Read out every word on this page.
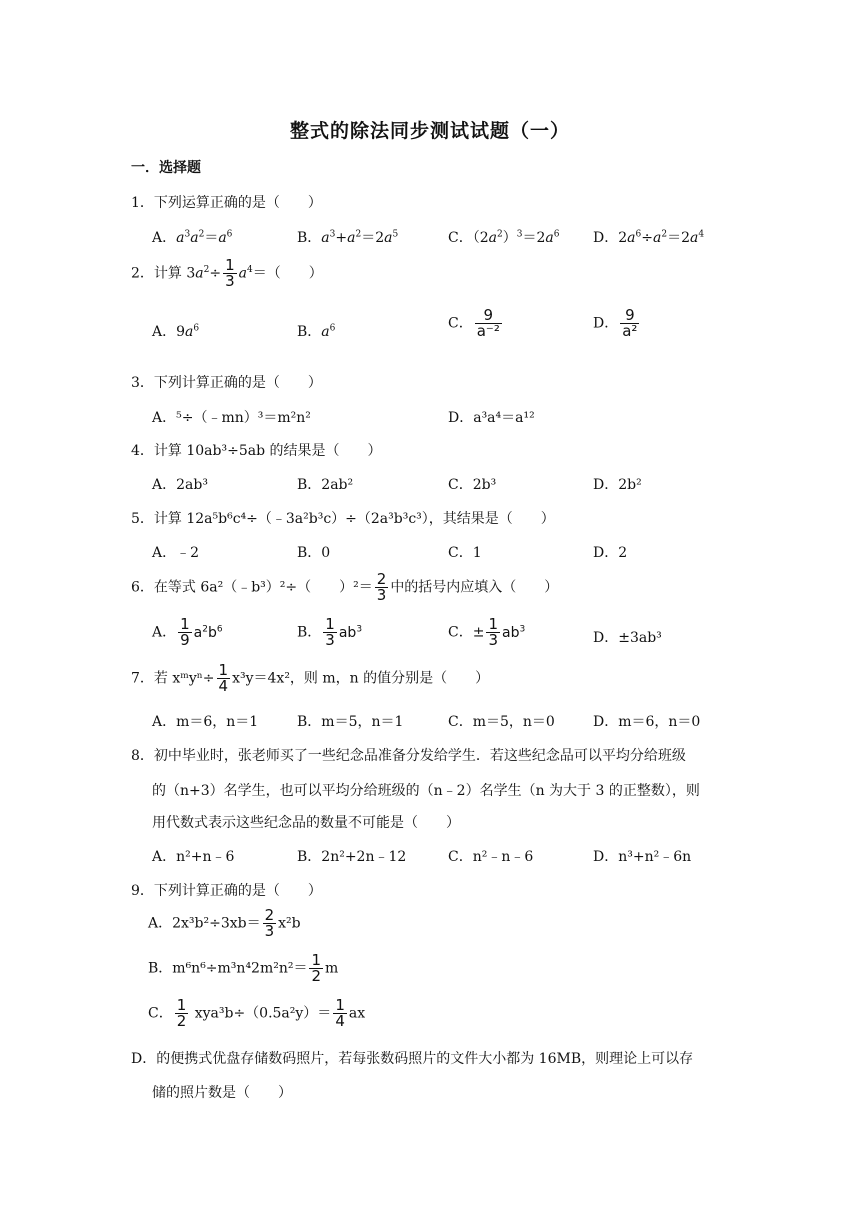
整式的除法同步测试试题（一）
一．选择题
1．下列运算正确的是（　　）
A．$a^3a^2=a^6$	B．$a^3+a^2=2a^5$	C．$(2a^2)^3=2a^6$ D．$2a^6\div a^2=2a^4$
2．计算 $3a^2\div \frac{1}{3} a^4=$（　　）
A．$9a^6$	B．$a^6$	C． $\frac{9}{\text{a⁻²}}$	D． $\frac{9}{\text{a²}}$
3．下列计算正确的是（　　）
A．⁵÷（﹣mn）³＝m²n²	D．a³a⁴＝a¹²
4．计算 10ab³÷5ab 的结果是（　　）
A．2ab³	B．2ab²	C．2b³	D．2b²
5．计算 12a⁵b⁶c⁴÷（﹣3a²b³c）÷（2a³b³c³），其结果是（　　）
A．﹣2	B．0	C．1	D．2
6．在等式 6a²（﹣b³）²÷（　　）$^2= \frac{2}{3}$ 中的括号内应填入（　　）
A． $\frac{1}{9} a^2b^6$	B． $\frac{1}{3} ab^3$	C．± $\frac{1}{3} ab^3$
D．±3ab³
7．若 xᵐyⁿ÷ $\frac{1}{4} x^3y=4x^2$，则 m，n 的值分别是（　　）
A．m＝6，n＝1	B．m＝5，n＝1	C．m＝5，n＝0	D．m＝6，n＝0
8．初中毕业时，张老师买了一些纪念品准备分发给学生．若这些纪念品可以平均分给班级
的（n+3）名学生，也可以平均分给班级的（n﹣2）名学生（n 为大于 3 的正整数），则
用代数式表示这些纪念品的数量不可能是（　　）
A．n²+n﹣6	B．2n²+2n﹣12	C．n²﹣n﹣6	D．n³+n²﹣6n
9．下列计算正确的是（　　）
A．$2x^3b^2\div 3xb= \frac{2}{3} x^2b$
B．$m^6n^6\div m^3n^42m^2n^2= \frac{1}{2}$ m
C． $\frac{1}{2} xya^3b\div(0.5a^2y)= \frac{1}{4}$ ax
D．的便携式优盘存储数码照片，若每张数码照片的文件大小都为 16MB，则理论上可以存
储的照片数是（　　）
